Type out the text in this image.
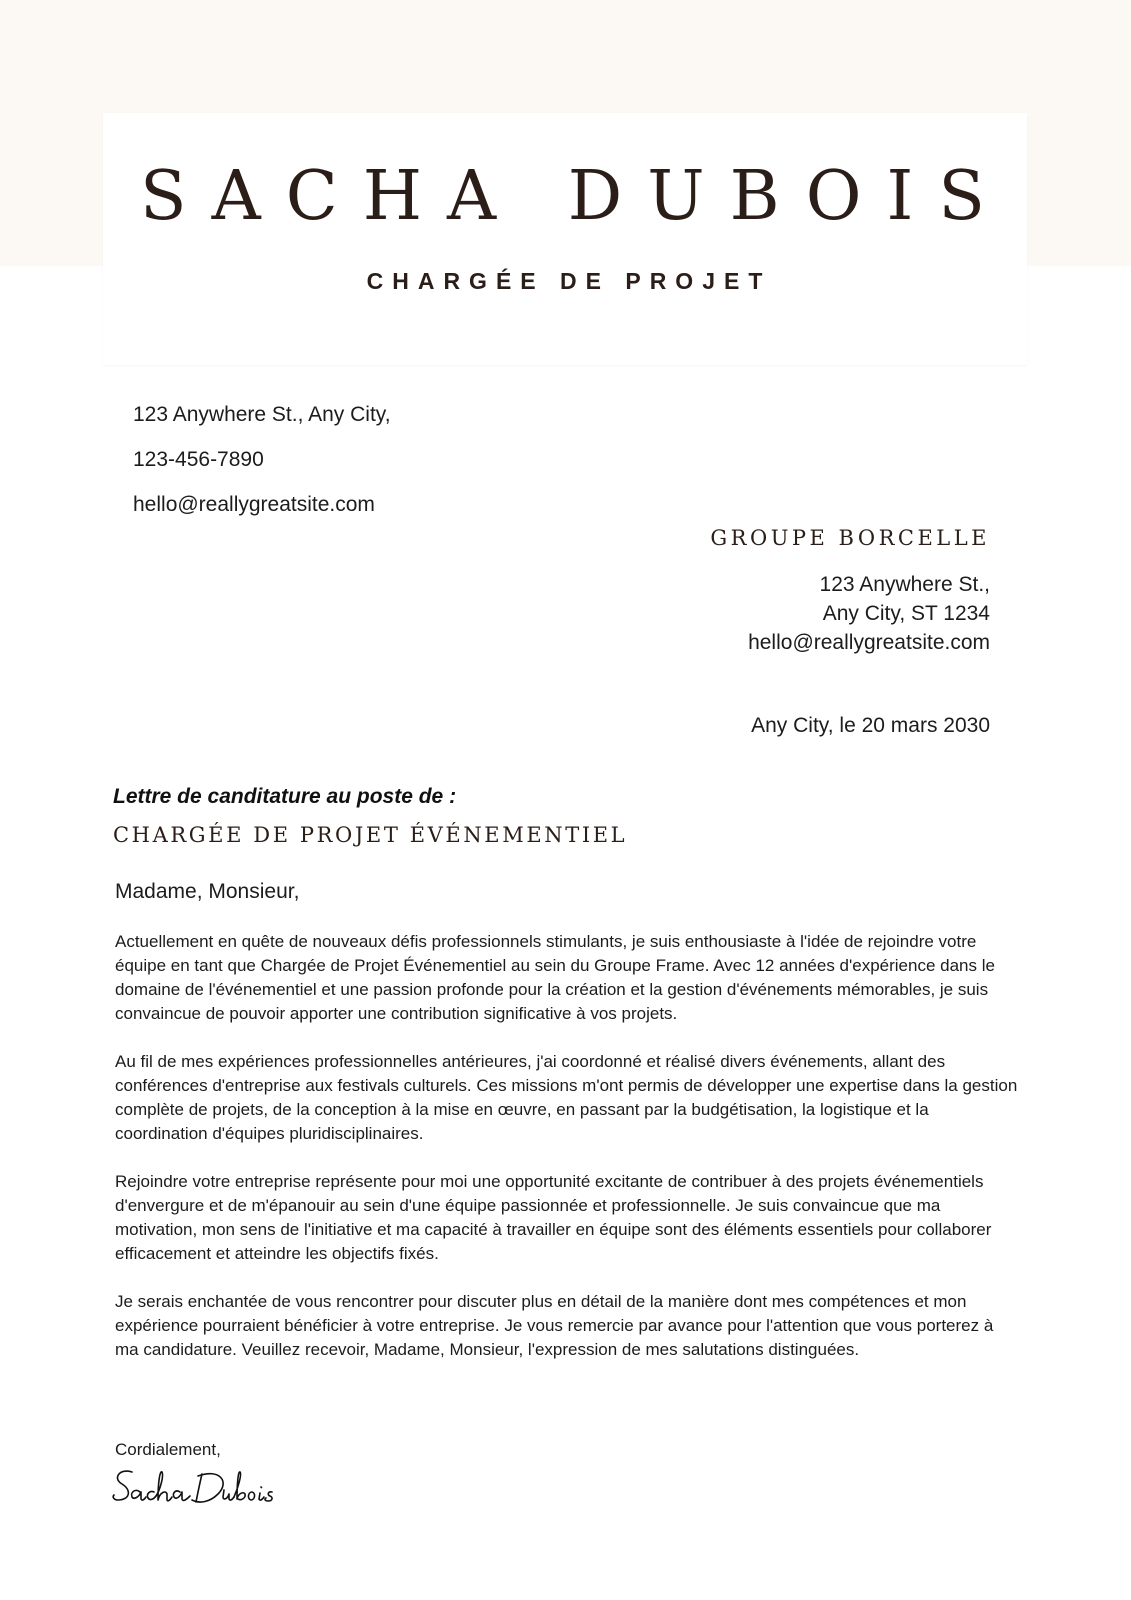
SACHA DUBOIS
CHARGÉE DE PROJET
123 Anywhere St., Any City,
123-456-7890
hello@reallygreatsite.com
GROUPE BORCELLE
123 Anywhere St.,
Any City, ST 1234
hello@reallygreatsite.com
Any City, le 20 mars 2030
Lettre de canditature au poste de :
CHARGÉE DE PROJET ÉVÉNEMENTIEL
Madame, Monsieur,

Actuellement en quête de nouveaux défis professionnels stimulants, je suis enthousiaste à l'idée de rejoindre votre équipe en tant que Chargée de Projet Événementiel au sein du Groupe Frame. Avec 12 années d'expérience dans le domaine de l'événementiel et une passion profonde pour la création et la gestion d'événements mémorables, je suis convaincue de pouvoir apporter une contribution significative à vos projets.

Au fil de mes expériences professionnelles antérieures, j'ai coordonné et réalisé divers événements, allant des conférences d'entreprise aux festivals culturels. Ces missions m'ont permis de développer une expertise dans la gestion complète de projets, de la conception à la mise en œuvre, en passant par la budgétisation, la logistique et la coordination d'équipes pluridisciplinaires.

Rejoindre votre entreprise représente pour moi une opportunité excitante de contribuer à des projets événementiels d'envergure et de m'épanouir au sein d'une équipe passionnée et professionnelle. Je suis convaincue que ma motivation, mon sens de l'initiative et ma capacité à travailler en équipe sont des éléments essentiels pour collaborer efficacement et atteindre les objectifs fixés.

Je serais enchantée de vous rencontrer pour discuter plus en détail de la manière dont mes compétences et mon expérience pourraient bénéficier à votre entreprise. Je vous remercie par avance pour l'attention que vous porterez à ma candidature. Veuillez recevoir, Madame, Monsieur, l'expression de mes salutations distinguées.

Cordialement,
